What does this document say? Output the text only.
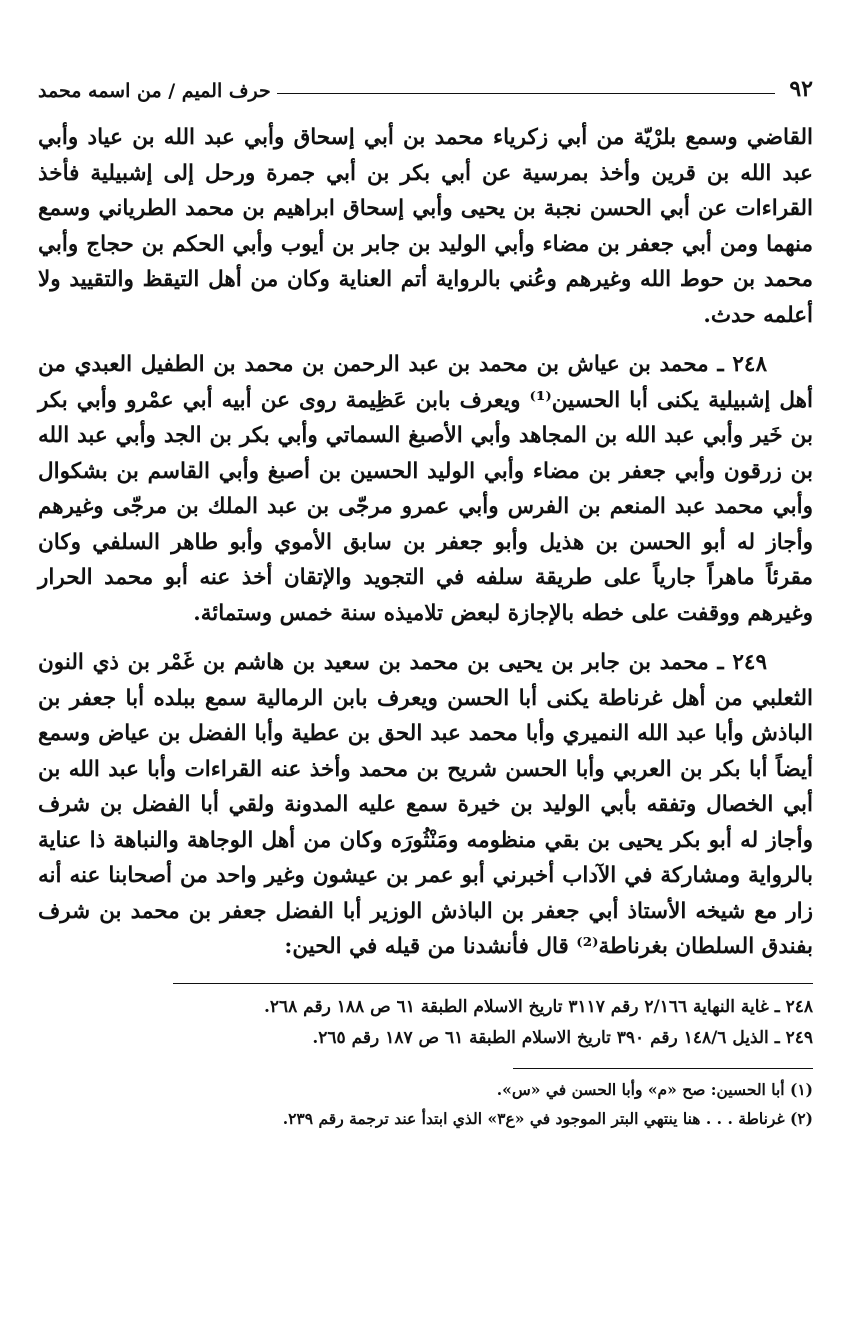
٩٢
حرف الميم / من اسمه محمد

القاضي وسمع بلرْيّة من أبي زكرياء محمد بن أبي إسحاق وأبي عبد الله بن عياد وأبي عبد الله بن قرين وأخذ بمرسية عن أبي بكر بن أبي جمرة ورحل إلى إشبيلية فأخذ القراءات عن أبي الحسن نجبة بن يحيى وأبي إسحاق ابراهيم بن محمد الطرياني وسمع منهما ومن أبي جعفر بن مضاء وأبي الوليد بن جابر بن أيوب وأبي الحكم بن حجاج وأبي محمد بن حوط الله وغيرهم وعُني بالرواية أتم العناية وكان من أهل التيقظ والتقييد ولا أعلمه حدث.

٢٤٨ ـ محمد بن عياش بن محمد بن عبد الرحمن بن محمد بن الطفيل العبدي من أهل إشبيلية يكنى أبا الحسين⁽¹⁾ ويعرف بابن عَظِيمة روى عن أبيه أبي عمْرو وأبي بكر بن خَير وأبي عبد الله بن المجاهد وأبي الأصبغ السماتي وأبي بكر بن الجد وأبي عبد الله بن زرقون وأبي جعفر بن مضاء وأبي الوليد الحسين بن أصبغ وأبي القاسم بن بشكوال وأبي محمد عبد المنعم بن الفرس وأبي عمرو مرجّى بن عبد الملك بن مرجّى وغيرهم وأجاز له أبو الحسن بن هذيل وأبو جعفر بن سابق الأموي وأبو طاهر السلفي وكان مقرئاً ماهراً جارياً على طريقة سلفه في التجويد والإتقان أخذ عنه أبو محمد الحرار وغيرهم ووقفت على خطه بالإجازة لبعض تلاميذه سنة خمس وستمائة.

٢٤٩ ـ محمد بن جابر بن يحيى بن محمد بن سعيد بن هاشم بن غَمْر بن ذي النون الثعلبي من أهل غرناطة يكنى أبا الحسن ويعرف بابن الرمالية سمع ببلده أبا جعفر بن الباذش وأبا عبد الله النميري وأبا محمد عبد الحق بن عطية وأبا الفضل بن عياض وسمع أيضاً أبا بكر بن العربي وأبا الحسن شريح بن محمد وأخذ عنه القراءات وأبا عبد الله بن أبي الخصال وتفقه بأبي الوليد بن خيرة سمع عليه المدونة ولقي أبا الفضل بن شرف وأجاز له أبو بكر يحيى بن بقي منظومه ومَنْثُورَه وكان من أهل الوجاهة والنباهة ذا عناية بالرواية ومشاركة في الآداب أخبرني أبو عمر بن عيشون وغير واحد من أصحابنا عنه أنه زار مع شيخه الأستاذ أبي جعفر بن الباذش الوزير أبا الفضل جعفر بن محمد بن شرف بفندق السلطان بغرناطة⁽²⁾ قال فأنشدنا من قيله في الحين:

٢٤٨ ـ غاية النهاية ٢/١٦٦ رقم ٣١١٧ تاريخ الاسلام الطبقة ٦١ ص ١٨٨ رقم ٢٦٨.
٢٤٩ ـ الذيل ١٤٨/٦ رقم ٣٩٠ تاريخ الاسلام الطبقة ٦١ ص ١٨٧ رقم ٢٦٥.
(١) أبا الحسين: صح «م» وأبا الحسن في «س».
(٢) غرناطة . . . هنا ينتهي البتر الموجود في «ع٣» الذي ابتدأ عند ترجمة رقم ٢٣٩.
